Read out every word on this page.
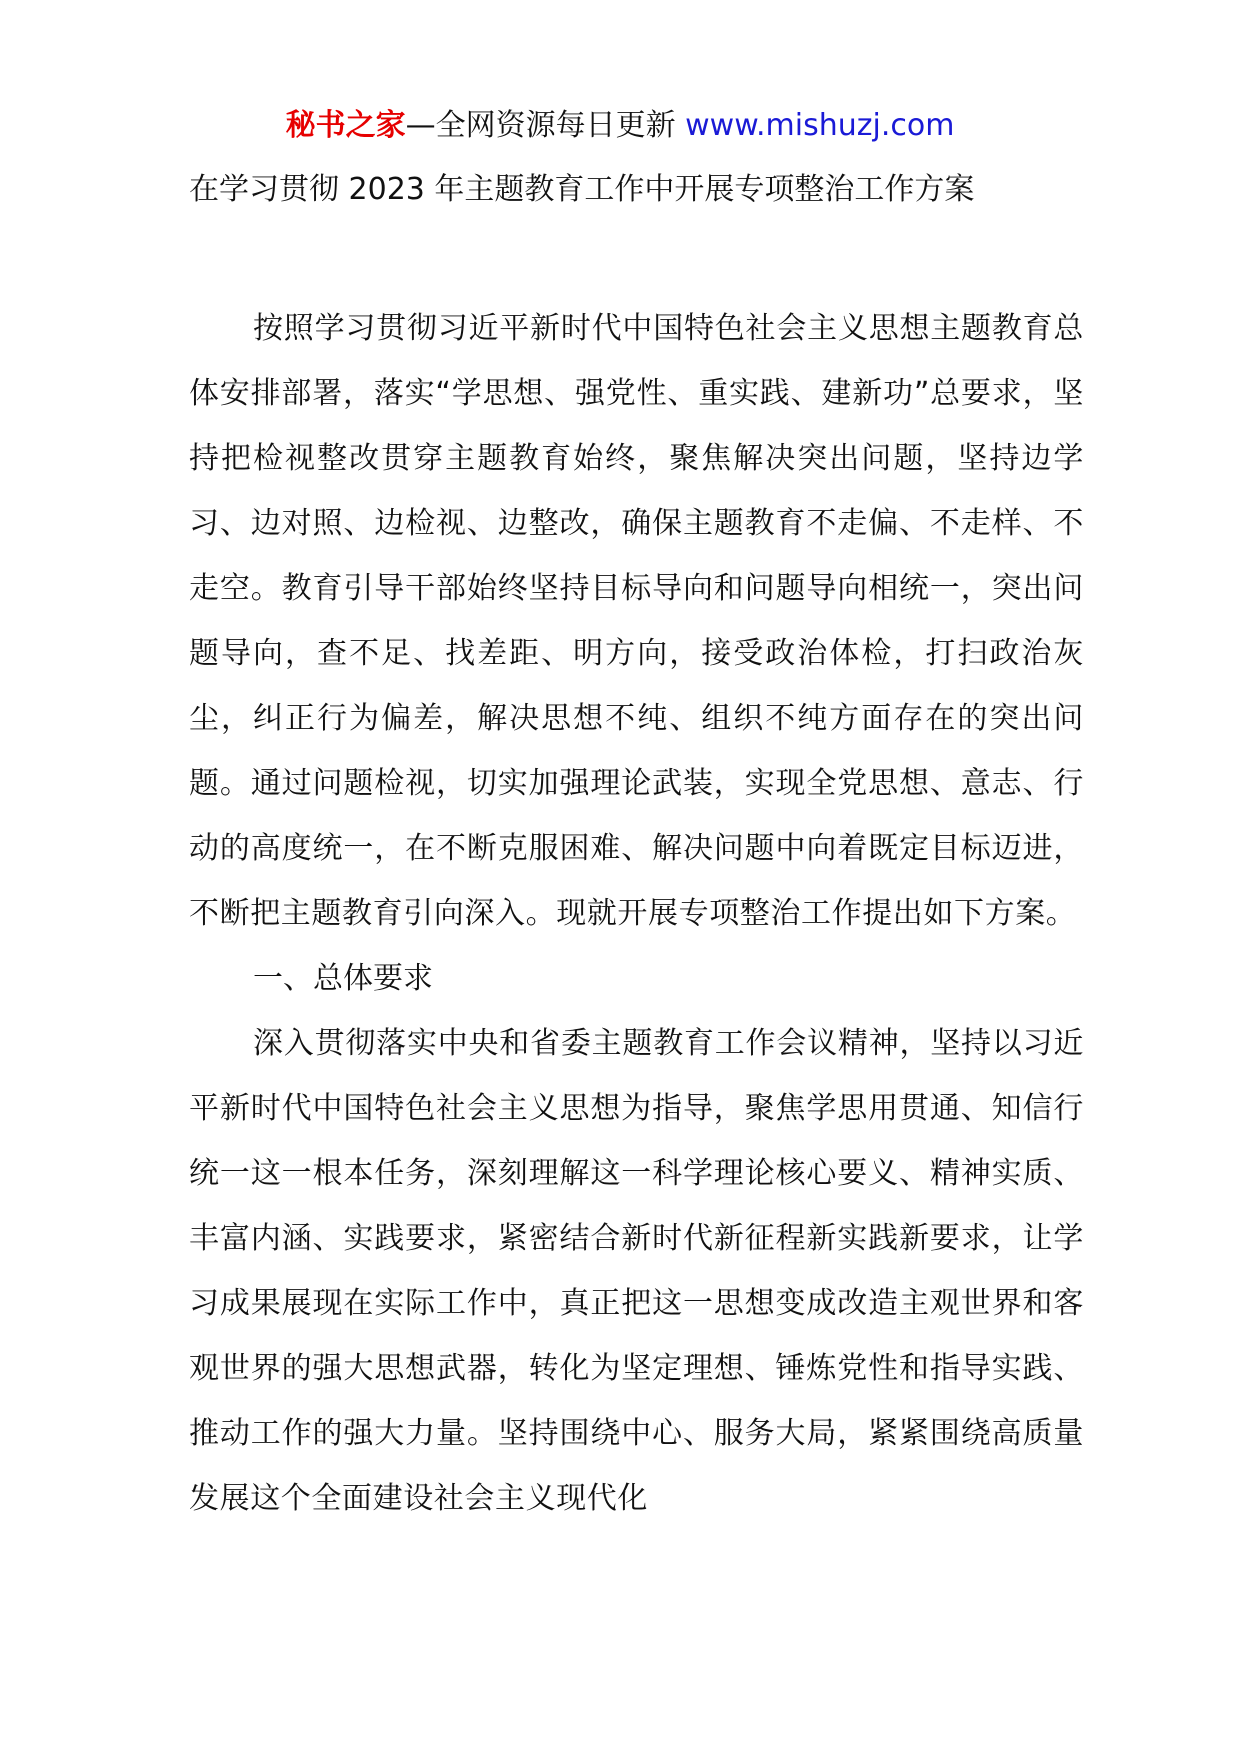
秘书之家—全网资源每日更新 www.mishuzj.com
在学习贯彻 2023 年主题教育工作中开展专项整治工作方案

按照学习贯彻习近平新时代中国特色社会主义思想主题教育总体安排部署，落实“学思想、强党性、重实践、建新功”总要求，坚持把检视整改贯穿主题教育始终，聚焦解决突出问题，坚持边学习、边对照、边检视、边整改，确保主题教育不走偏、不走样、不走空。教育引导干部始终坚持目标导向和问题导向相统一，突出问题导向，查不足、找差距、明方向，接受政治体检，打扫政治灰尘，纠正行为偏差，解决思想不纯、组织不纯方面存在的突出问题。通过问题检视，切实加强理论武装，实现全党思想、意志、行动的高度统一，在不断克服困难、解决问题中向着既定目标迈进，不断把主题教育引向深入。现就开展专项整治工作提出如下方案。

一、总体要求

深入贯彻落实中央和省委主题教育工作会议精神，坚持以习近平新时代中国特色社会主义思想为指导，聚焦学思用贯通、知信行统一这一根本任务，深刻理解这一科学理论核心要义、精神实质、丰富内涵、实践要求，紧密结合新时代新征程新实践新要求，让学习成果展现在实际工作中，真正把这一思想变成改造主观世界和客观世界的强大思想武器，转化为坚定理想、锤炼党性和指导实践、推动工作的强大力量。坚持围绕中心、服务大局，紧紧围绕高质量发展这个全面建设社会主义现代化
